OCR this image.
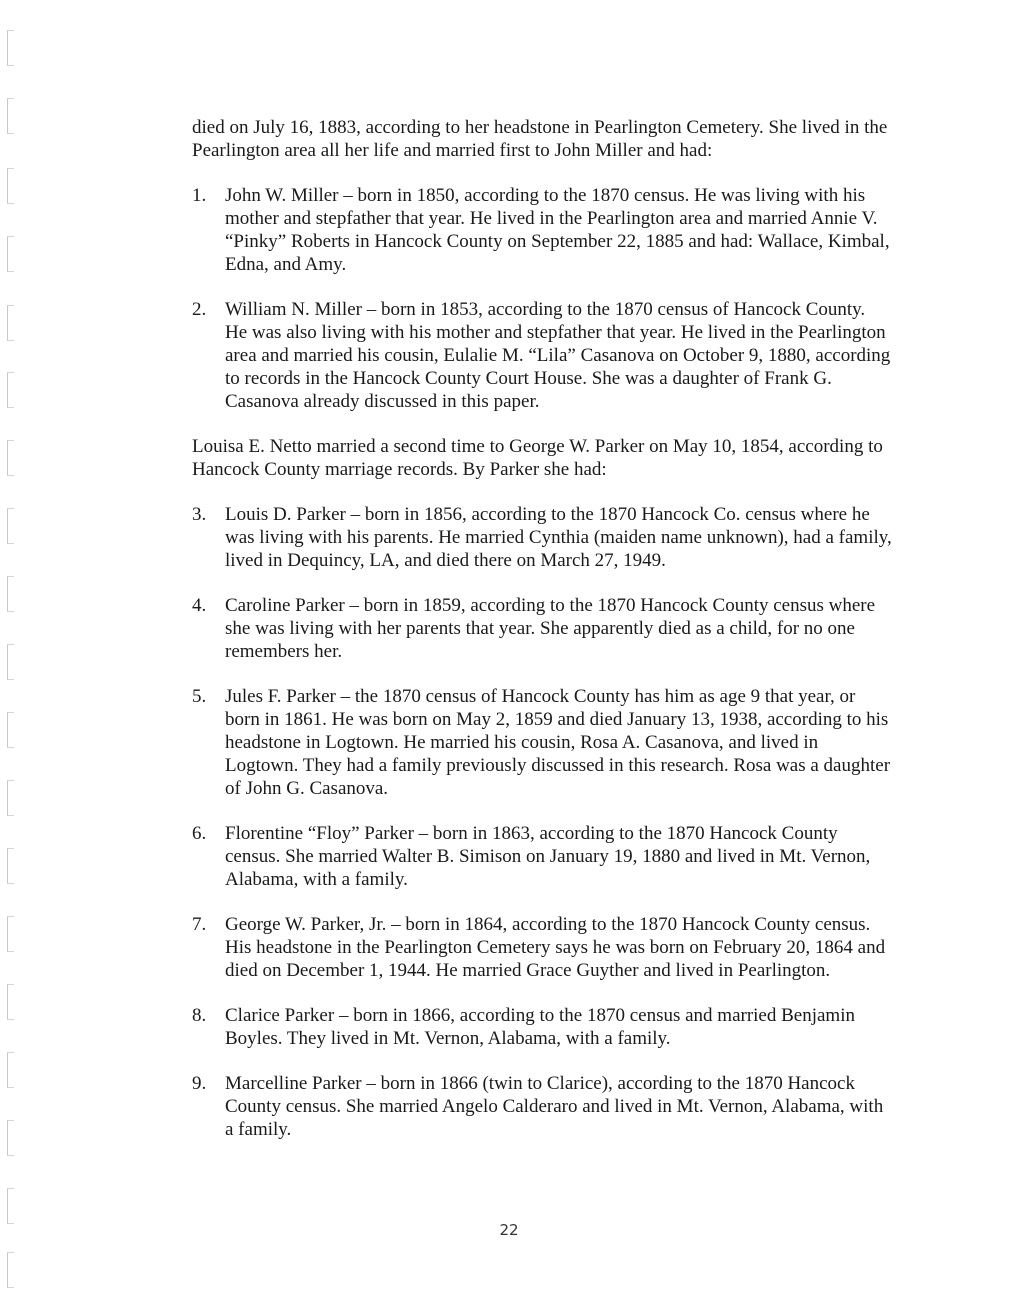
died on July 16, 1883, according to her headstone in Pearlington Cemetery. She lived in the Pearlington area all her life and married first to John Miller and had:

1. John W. Miller – born in 1850, according to the 1870 census. He was living with his mother and stepfather that year. He lived in the Pearlington area and married Annie V. “Pinky” Roberts in Hancock County on September 22, 1885 and had: Wallace, Kimbal, Edna, and Amy.
2. William N. Miller – born in 1853, according to the 1870 census of Hancock County. He was also living with his mother and stepfather that year. He lived in the Pearlington area and married his cousin, Eulalie M. “Lila” Casanova on October 9, 1880, according to records in the Hancock County Court House. She was a daughter of Frank G. Casanova already discussed in this paper.

Louisa E. Netto married a second time to George W. Parker on May 10, 1854, according to Hancock County marriage records. By Parker she had:

3. Louis D. Parker – born in 1856, according to the 1870 Hancock Co. census where he was living with his parents. He married Cynthia (maiden name unknown), had a family, lived in Dequincy, LA, and died there on March 27, 1949.
4. Caroline Parker – born in 1859, according to the 1870 Hancock County census where she was living with her parents that year. She apparently died as a child, for no one remembers her.
5. Jules F. Parker – the 1870 census of Hancock County has him as age 9 that year, or born in 1861. He was born on May 2, 1859 and died January 13, 1938, according to his headstone in Logtown. He married his cousin, Rosa A. Casanova, and lived in Logtown. They had a family previously discussed in this research. Rosa was a daughter of John G. Casanova.
6. Florentine “Floy” Parker – born in 1863, according to the 1870 Hancock County census. She married Walter B. Simison on January 19, 1880 and lived in Mt. Vernon, Alabama, with a family.
7. George W. Parker, Jr. – born in 1864, according to the 1870 Hancock County census. His headstone in the Pearlington Cemetery says he was born on February 20, 1864 and died on December 1, 1944. He married Grace Guyther and lived in Pearlington.
8. Clarice Parker – born in 1866, according to the 1870 census and married Benjamin Boyles. They lived in Mt. Vernon, Alabama, with a family.
9. Marcelline Parker – born in 1866 (twin to Clarice), according to the 1870 Hancock County census. She married Angelo Calderaro and lived in Mt. Vernon, Alabama, with a family.
22
